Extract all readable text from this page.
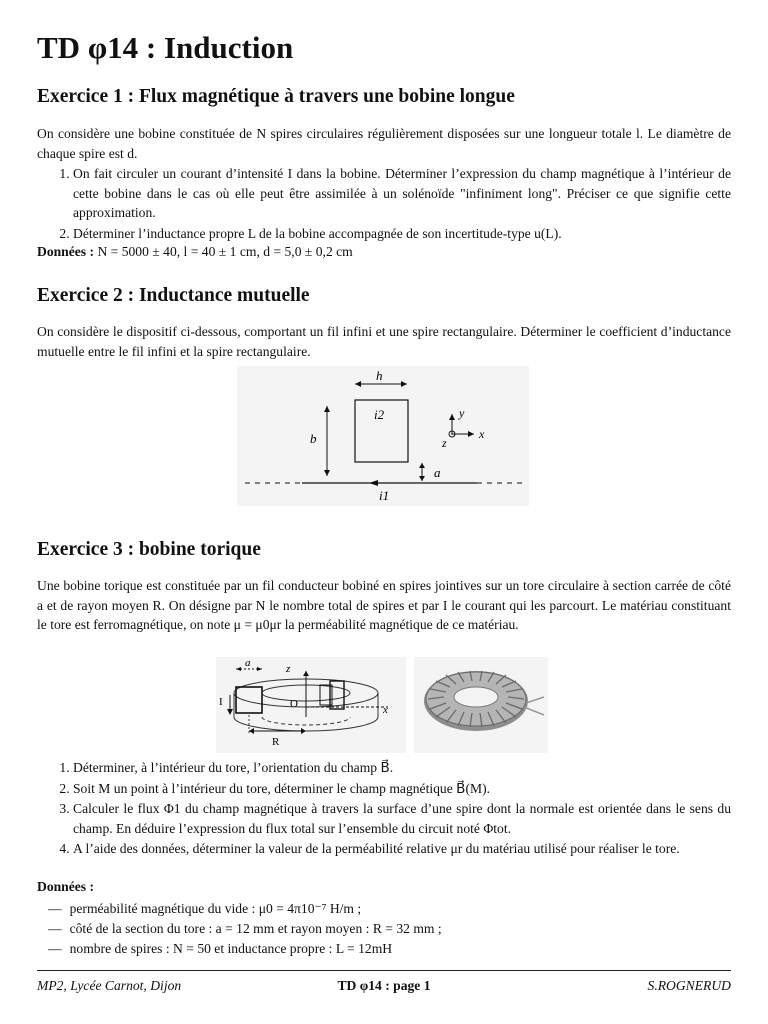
TD φ14 : Induction
Exercice 1 : Flux magnétique à travers une bobine longue

On considère une bobine constituée de N spires circulaires régulièrement disposées sur une longueur totale l. Le diamètre de chaque spire est d.

1. On fait circuler un courant d’intensité I dans la bobine. Déterminer l’expression du champ magnétique à l’intérieur de cette bobine dans le cas où elle peut être assimilée à un solénoïde "infiniment long". Préciser ce que signifie cette approximation.
2. Déterminer l’inductance propre L de la bobine accompagnée de son incertitude-type u(L).
Données : N = 5000 ± 40, l = 40 ± 1 cm, d = 5,0 ± 0,2 cm
Exercice 2 : Inductance mutuelle

On considère le dispositif ci-dessous, comportant un fil infini et une spire rectangulaire. Déterminer le coefficient d’inductance mutuelle entre le fil infini et la spire rectangulaire.

h
i2
b
a
i1
y
x
z
Exercice 3 : bobine torique

Une bobine torique est constituée par un fil conducteur bobiné en spires jointives sur un tore circulaire à section carrée de côté a et de rayon moyen R. On désigne par N le nombre total de spires et par I le courant qui les parcourt. Le matériau constituant le tore est ferromagnétique, on note μ = μ0μr la perméabilité magnétique de ce matériau.

z
x
O
a
I
R
1. Déterminer, à l’intérieur du tore, l’orientation du champ B⃗.
2. Soit M un point à l’intérieur du tore, déterminer le champ magnétique B⃗(M).
3. Calculer le flux Φ1 du champ magnétique à travers la surface d’une spire dont la normale est orientée dans le sens du champ. En déduire l’expression du flux total sur l’ensemble du circuit noté Φtot.
4. A l’aide des données, déterminer la valeur de la perméabilité relative μr du matériau utilisé pour réaliser le tore.
Données :
— perméabilité magnétique du vide : μ0 = 4π10⁻⁷ H/m ;
— côté de la section du tore : a = 12 mm et rayon moyen : R = 32 mm ;
— nombre de spires : N = 50 et inductance propre : L = 12mH
MP2, Lycée Carnot, Dijon	TD φ14 : page 1	S.ROGNERUD
